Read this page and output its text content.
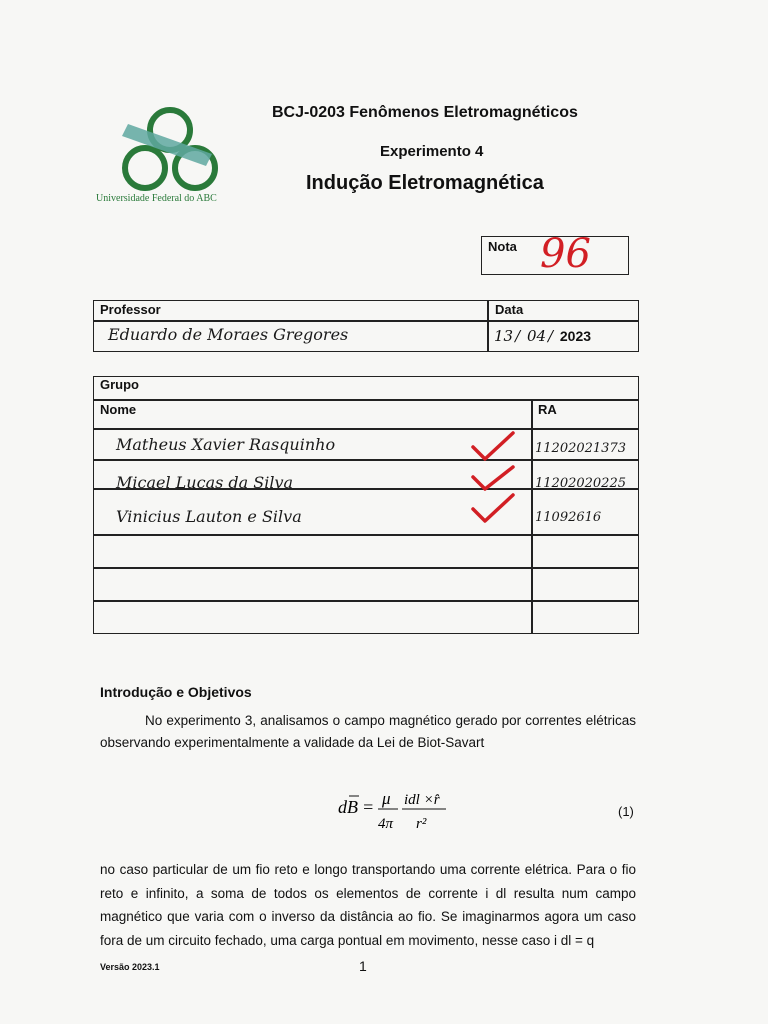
Universidade Federal do ABC
BCJ-0203 Fenômenos Eletromagnéticos
Experimento 4
Indução Eletromagnética
Nota 96
Professor	Data
Eduardo de Moraes Gregores	13 / 04 / 2023
Grupo
Nome	RA
Matheus Xavier Rasquinho	11202021373
Micael Lucas da Silva	11202020225
Vinicius Lauton e Silva	11092616
Introdução e Objetivos
No experimento 3, analisamos o campo magnético gerado por correntes elétricas observando experimentalmente a validade da Lei de Biot-Savart
dB = μ
4π
idl ×r̂
r²
(1)
no caso particular de um fio reto e longo transportando uma corrente elétrica. Para o fio reto e infinito, a soma de todos os elementos de corrente i dl resulta num campo magnético que varia com o inverso da distância ao fio. Se imaginarmos agora um caso fora de um circuito fechado, uma carga pontual em movimento, nesse caso i dl = q
Versão 2023.1	1
